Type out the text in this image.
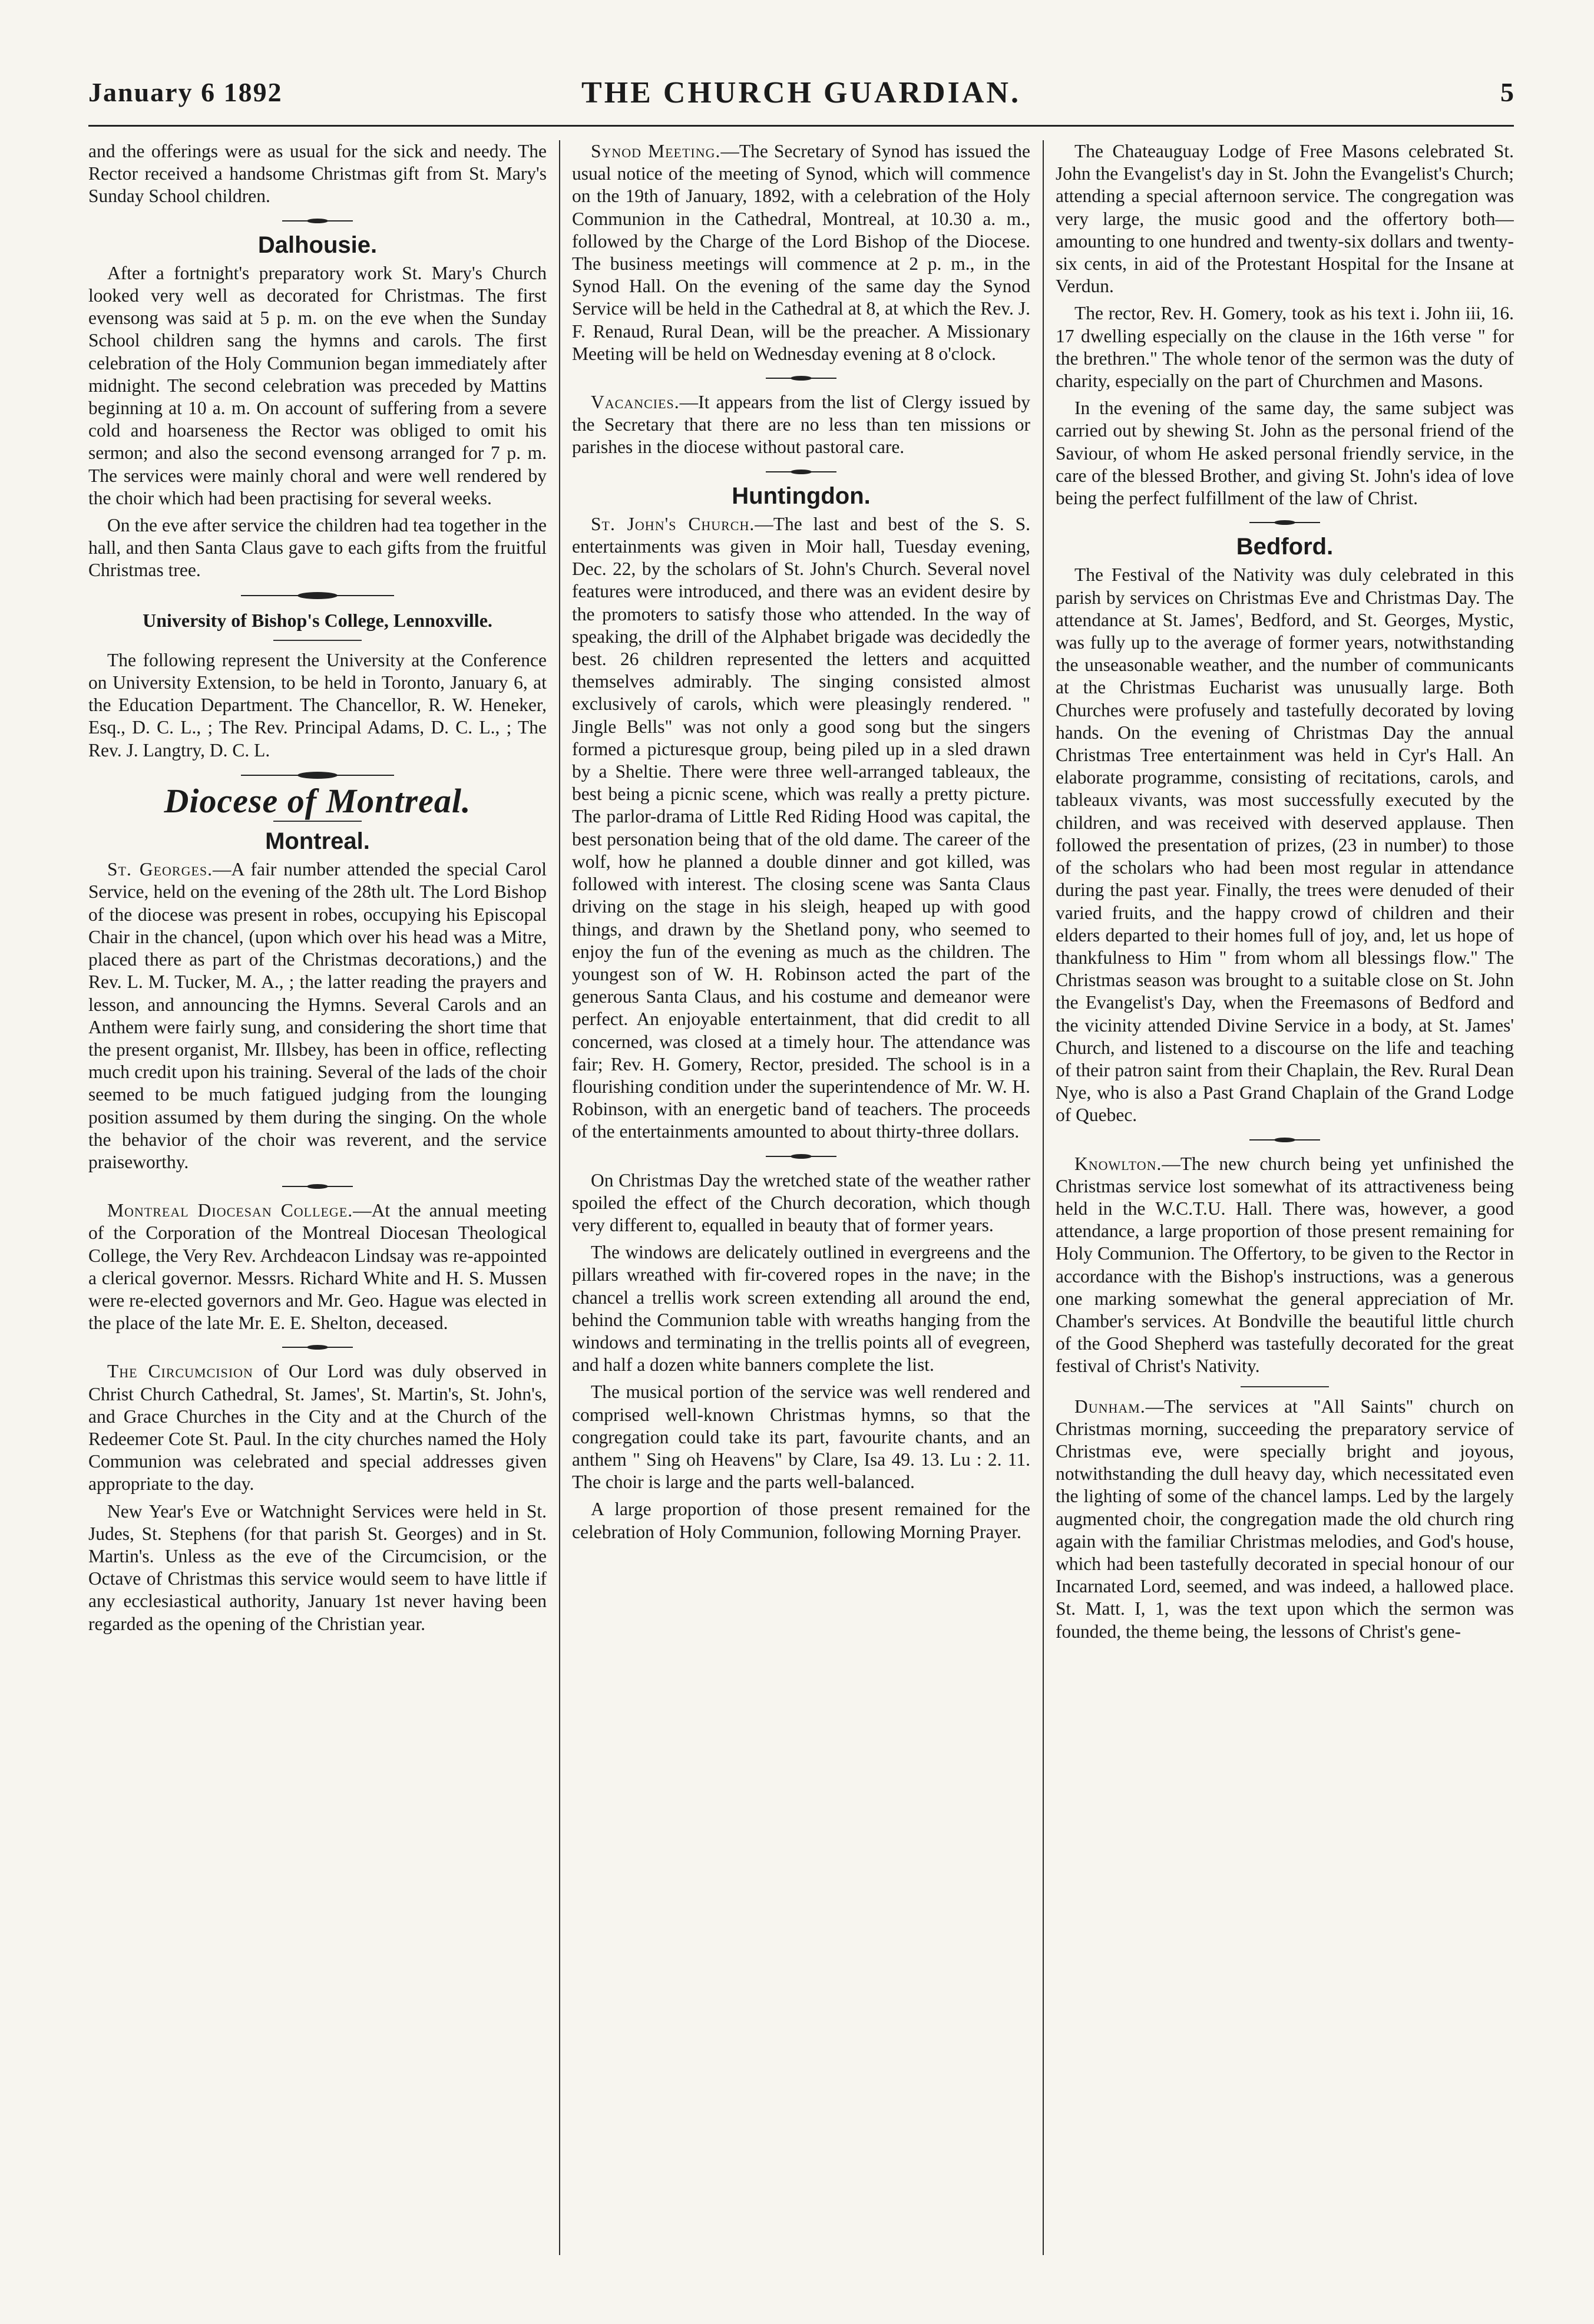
January 6 1892	THE CHURCH GUARDIAN.	5

and the offerings were as usual for the sick and needy. The Rector received a handsome Christmas gift from St. Mary's Sunday School children.

Dalhousie.

After a fortnight's preparatory work St. Mary's Church looked very well as decorated for Christmas. The first evensong was said at 5 p. m. on the eve when the Sunday School children sang the hymns and carols. The first celebration of the Holy Communion began immediately after midnight. The second celebration was preceded by Mattins beginning at 10 a. m. On account of suffering from a severe cold and hoarseness the Rector was obliged to omit his sermon; and also the second evensong arranged for 7 p. m. The services were mainly choral and were well rendered by the choir which had been practising for several weeks.

On the eve after service the children had tea together in the hall, and then Santa Claus gave to each gifts from the fruitful Christmas tree.

University of Bishop's College, Lennoxville.

The following represent the University at the Conference on University Extension, to be held in Toronto, January 6, at the Education Department. The Chancellor, R. W. Heneker, Esq., D. C. L., ; The Rev. Principal Adams, D. C. L., ; The Rev. J. Langtry, D. C. L.

Diocese of Montreal.
Montreal.

St. Georges.—A fair number attended the special Carol Service, held on the evening of the 28th ult. The Lord Bishop of the diocese was present in robes, occupying his Episcopal Chair in the chancel, (upon which over his head was a Mitre, placed there as part of the Christmas decorations,) and the Rev. L. M. Tucker, M. A., ; the latter reading the prayers and lesson, and announcing the Hymns. Several Carols and an Anthem were fairly sung, and considering the short time that the present organist, Mr. Illsbey, has been in office, reflecting much credit upon his training. Several of the lads of the choir seemed to be much fatigued judging from the lounging position assumed by them during the singing. On the whole the behavior of the choir was reverent, and the service praiseworthy.

Montreal Diocesan College.—At the annual meeting of the Corporation of the Montreal Diocesan Theological College, the Very Rev. Archdeacon Lindsay was re-appointed a clerical governor. Messrs. Richard White and H. S. Mussen were re-elected governors and Mr. Geo. Hague was elected in the place of the late Mr. E. E. Shelton, deceased.

The Circumcision of Our Lord was duly observed in Christ Church Cathedral, St. James', St. Martin's, St. John's, and Grace Churches in the City and at the Church of the Redeemer Cote St. Paul. In the city churches named the Holy Communion was celebrated and special addresses given appropriate to the day.

New Year's Eve or Watchnight Services were held in St. Judes, St. Stephens (for that parish St. Georges) and in St. Martin's. Unless as the eve of the Circumcision, or the Octave of Christmas this service would seem to have little if any ecclesiastical authority, January 1st never having been regarded as the opening of the Christian year.

Synod Meeting.—The Secretary of Synod has issued the usual notice of the meeting of Synod, which will commence on the 19th of January, 1892, with a celebration of the Holy Communion in the Cathedral, Montreal, at 10.30 a. m., followed by the Charge of the Lord Bishop of the Diocese. The business meetings will commence at 2 p. m., in the Synod Hall. On the evening of the same day the Synod Service will be held in the Cathedral at 8, at which the Rev. J. F. Renaud, Rural Dean, will be the preacher. A Missionary Meeting will be held on Wednesday evening at 8 o'clock.

Vacancies.—It appears from the list of Clergy issued by the Secretary that there are no less than ten missions or parishes in the diocese without pastoral care.

Huntingdon.

St. John's Church.—The last and best of the S. S. entertainments was given in Moir hall, Tuesday evening, Dec. 22, by the scholars of St. John's Church. Several novel features were introduced, and there was an evident desire by the promoters to satisfy those who attended. In the way of speaking, the drill of the Alphabet brigade was decidedly the best. 26 children represented the letters and acquitted themselves admirably. The singing consisted almost exclusively of carols, which were pleasingly rendered. " Jingle Bells" was not only a good song but the singers formed a picturesque group, being piled up in a sled drawn by a Sheltie. There were three well-arranged tableaux, the best being a picnic scene, which was really a pretty picture. The parlor-drama of Little Red Riding Hood was capital, the best personation being that of the old dame. The career of the wolf, how he planned a double dinner and got killed, was followed with interest. The closing scene was Santa Claus driving on the stage in his sleigh, heaped up with good things, and drawn by the Shetland pony, who seemed to enjoy the fun of the evening as much as the children. The youngest son of W. H. Robinson acted the part of the generous Santa Claus, and his costume and demeanor were perfect. An enjoyable entertainment, that did credit to all concerned, was closed at a timely hour. The attendance was fair; Rev. H. Gomery, Rector, presided. The school is in a flourishing condition under the superintendence of Mr. W. H. Robinson, with an energetic band of teachers. The proceeds of the entertainments amounted to about thirty-three dollars.

On Christmas Day the wretched state of the weather rather spoiled the effect of the Church decoration, which though very different to, equalled in beauty that of former years.

The windows are delicately outlined in evergreens and the pillars wreathed with fir-covered ropes in the nave; in the chancel a trellis work screen extending all around the end, behind the Communion table with wreaths hanging from the windows and terminating in the trellis points all of evegreen, and half a dozen white banners complete the list.

The musical portion of the service was well rendered and comprised well-known Christmas hymns, so that the congregation could take its part, favourite chants, and an anthem " Sing oh Heavens" by Clare, Isa 49. 13. Lu : 2. 11. The choir is large and the parts well-balanced.

A large proportion of those present remained for the celebration of Holy Communion, following Morning Prayer.

The Chateauguay Lodge of Free Masons celebrated St. John the Evangelist's day in St. John the Evangelist's Church; attending a special afternoon service. The congregation was very large, the music good and the offertory both—amounting to one hundred and twenty-six dollars and twenty-six cents, in aid of the Protestant Hospital for the Insane at Verdun.

The rector, Rev. H. Gomery, took as his text i. John iii, 16. 17 dwelling especially on the clause in the 16th verse " for the brethren." The whole tenor of the sermon was the duty of charity, especially on the part of Churchmen and Masons.

In the evening of the same day, the same subject was carried out by shewing St. John as the personal friend of the Saviour, of whom He asked personal friendly service, in the care of the blessed Brother, and giving St. John's idea of love being the perfect fulfillment of the law of Christ.

Bedford.

The Festival of the Nativity was duly celebrated in this parish by services on Christmas Eve and Christmas Day. The attendance at St. James', Bedford, and St. Georges, Mystic, was fully up to the average of former years, notwithstanding the unseasonable weather, and the number of communicants at the Christmas Eucharist was unusually large. Both Churches were profusely and tastefully decorated by loving hands. On the evening of Christmas Day the annual Christmas Tree entertainment was held in Cyr's Hall. An elaborate programme, consisting of recitations, carols, and tableaux vivants, was most successfully executed by the children, and was received with deserved applause. Then followed the presentation of prizes, (23 in number) to those of the scholars who had been most regular in attendance during the past year. Finally, the trees were denuded of their varied fruits, and the happy crowd of children and their elders departed to their homes full of joy, and, let us hope of thankfulness to Him " from whom all blessings flow." The Christmas season was brought to a suitable close on St. John the Evangelist's Day, when the Freemasons of Bedford and the vicinity attended Divine Service in a body, at St. James' Church, and listened to a discourse on the life and teaching of their patron saint from their Chaplain, the Rev. Rural Dean Nye, who is also a Past Grand Chaplain of the Grand Lodge of Quebec.

Knowlton.—The new church being yet unfinished the Christmas service lost somewhat of its attractiveness being held in the W.C.T.U. Hall. There was, however, a good attendance, a large proportion of those present remaining for Holy Communion. The Offertory, to be given to the Rector in accordance with the Bishop's instructions, was a generous one marking somewhat the general appreciation of Mr. Chamber's services. At Bondville the beautiful little church of the Good Shepherd was tastefully decorated for the great festival of Christ's Nativity.

Dunham.—The services at "All Saints" church on Christmas morning, succeeding the preparatory service of Christmas eve, were specially bright and joyous, notwithstanding the dull heavy day, which necessitated even the lighting of some of the chancel lamps. Led by the largely augmented choir, the congregation made the old church ring again with the familiar Christmas melodies, and God's house, which had been tastefully decorated in special honour of our Incarnated Lord, seemed, and was indeed, a hallowed place. St. Matt. I, 1, was the text upon which the sermon was founded, the theme being, the lessons of Christ's gene-
